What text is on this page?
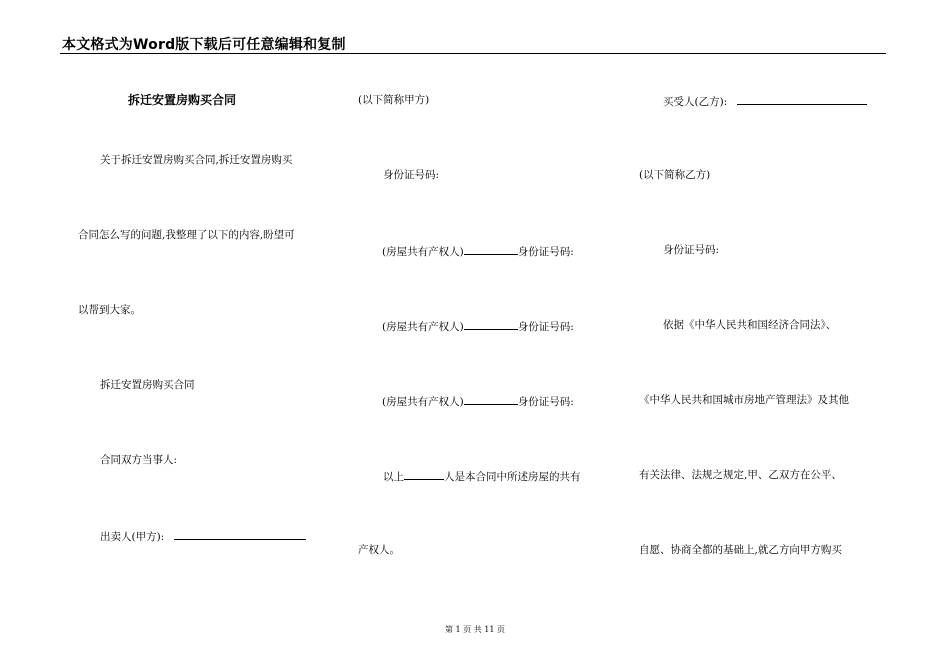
本文格式为Word版下载后可任意编辑和复制
拆迁安置房购买合同
关于拆迁安置房购买合同,拆迁安置房购买
合同怎么写的问题,我整理了以下的内容,盼望可
以帮到大家。
拆迁安置房购买合同
合同双方当事人:
出卖人(甲方):
(以下简称甲方)
身份证号码:
(房屋共有产权人)	身份证号码:
(房屋共有产权人)	身份证号码:
(房屋共有产权人)	身份证号码:
以上	人是本合同中所述房屋的共有
产权人。
买受人(乙方):
(以下简称乙方)
身份证号码:
依据《中华人民共和国经济合同法》、
《中华人民共和国城市房地产管理法》及其他
有关法律、法规之规定,甲、乙双方在公平、
自愿、协商全都的基础上,就乙方向甲方购买
第 1 页 共 11 页
